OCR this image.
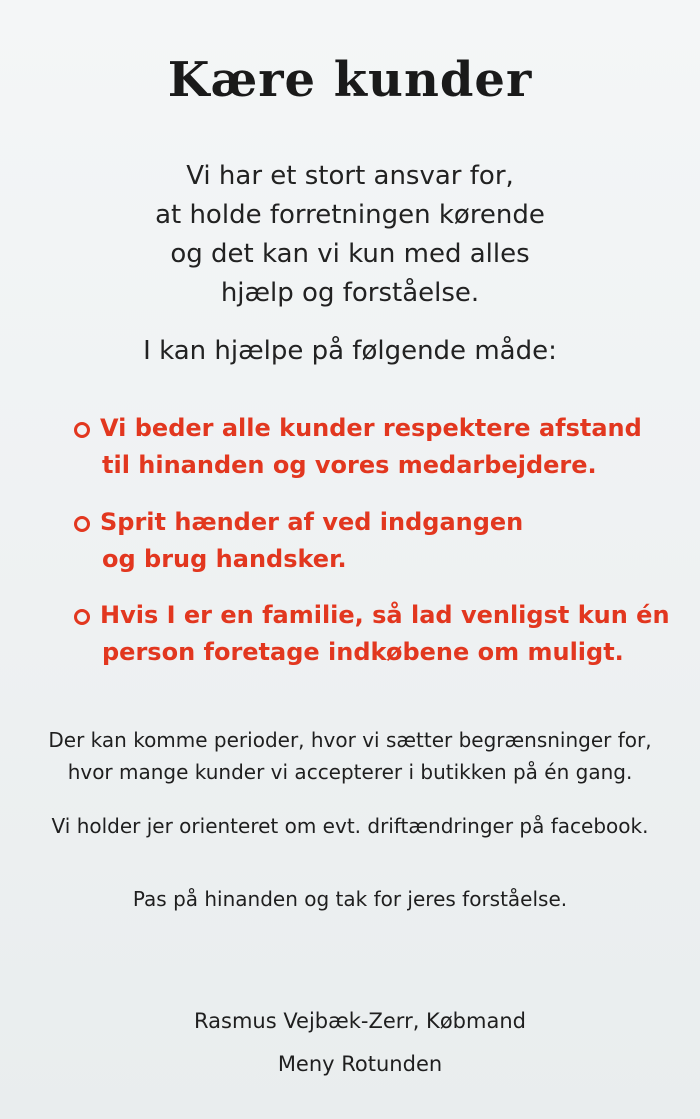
Kære kunder
Vi har et stort ansvar for,
at holde forretningen kørende
og det kan vi kun med alles
hjælp og forståelse.
I kan hjælpe på følgende måde:
Vi beder alle kunder respektere afstand
til hinanden og vores medarbejdere.
Sprit hænder af ved indgangen
og brug handsker.
Hvis I er en familie, så lad venligst kun én
person foretage indkøbene om muligt.
Der kan komme perioder, hvor vi sætter begrænsninger for,
hvor mange kunder vi accepterer i butikken på én gang.
Vi holder jer orienteret om evt. driftændringer på facebook.
Pas på hinanden og tak for jeres forståelse.
Rasmus Vejbæk-Zerr, Købmand
Meny Rotunden
